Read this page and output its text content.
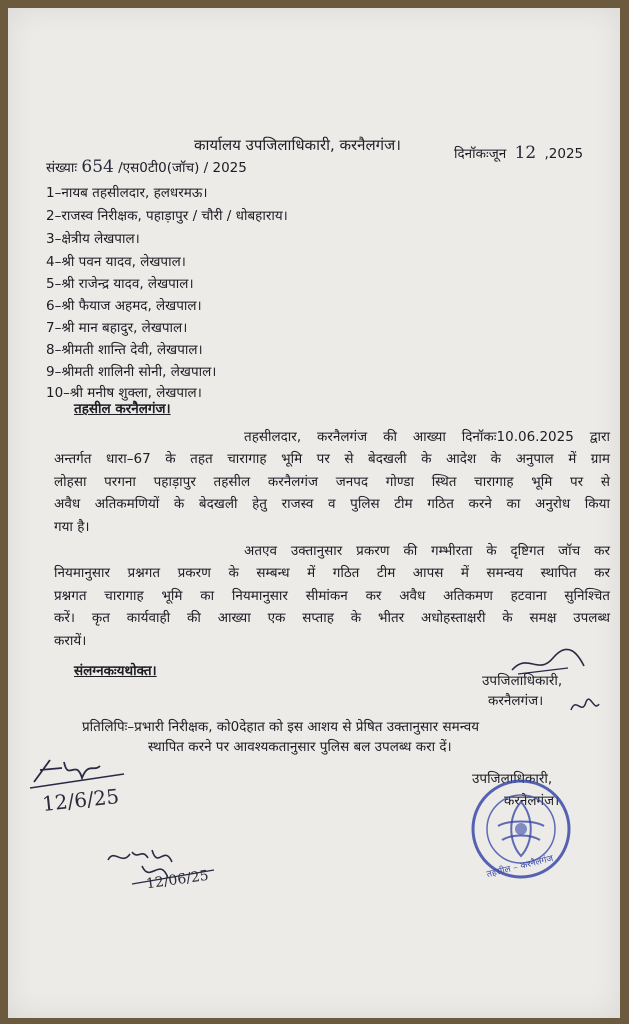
कार्यालय उपजिलाधिकारी, करनैलगंज।	दिनॉकःजून 12 ,2025
संख्याः 654 /एस0टी0(जॉच) / 2025
1–नायब तहसीलदार, हलधरमऊ।
2–राजस्व निरीक्षक, पहाड़ापुर / चौरी / धोबहाराय।
3–क्षेत्रीय लेखपाल।
4–श्री पवन यादव, लेखपाल।
5–श्री राजेन्द्र यादव, लेखपाल।
6–श्री फैयाज अहमद, लेखपाल।
7–श्री मान बहादुर, लेखपाल।
8–श्रीमती शान्ति देवी, लेखपाल।
9–श्रीमती शालिनी सोनी, लेखपाल।
10–श्री मनीष शुक्ला, लेखपाल।
तहसील करनैलगंज।
तहसीलदार, करनैलगंज की आख्या दिनॉकः10.06.2025 द्वारा
अन्तर्गत धारा–67 के तहत चारागाह भूमि पर से बेदखली के आदेश के अनुपाल में ग्राम
लोहसा परगना पहाड़ापुर तहसील करनैलगंज जनपद गोण्डा स्थित चारागाह भूमि पर से
अवैध अतिकमणियों के बेदखली हेतु राजस्व व पुलिस टीम गठित करने का अनुरोध किया
गया है।
अतएव उक्तानुसार प्रकरण की गम्भीरता के दृष्टिगत जॉच कर
नियमानुसार प्रश्नगत प्रकरण के सम्बन्ध में गठित टीम आपस में समन्वय स्थापित कर
प्रश्नगत चारागाह भूमि का नियमानुसार सीमांकन कर अवैध अतिकमण हटवाना सुनिश्चित
करें। कृत कार्यवाही की आख्या एक सप्ताह के भीतर अधोहस्ताक्षरी के समक्ष उपलब्ध
करायें।
संलग्नकःयथोक्त।
उपजिलाधिकारी,
करनैलगंज।
प्रतिलिपिः–प्रभारी निरीक्षक, को0देहात को इस आशय से प्रेषित उक्तानुसार समन्वय
स्थापित करने पर आवश्यकतानुसार पुलिस बल उपलब्ध करा दें।
12/6/25
उपजिलाधिकारी,
करनैलगंज।
तहसील – करनैलगंज
12/06/25
